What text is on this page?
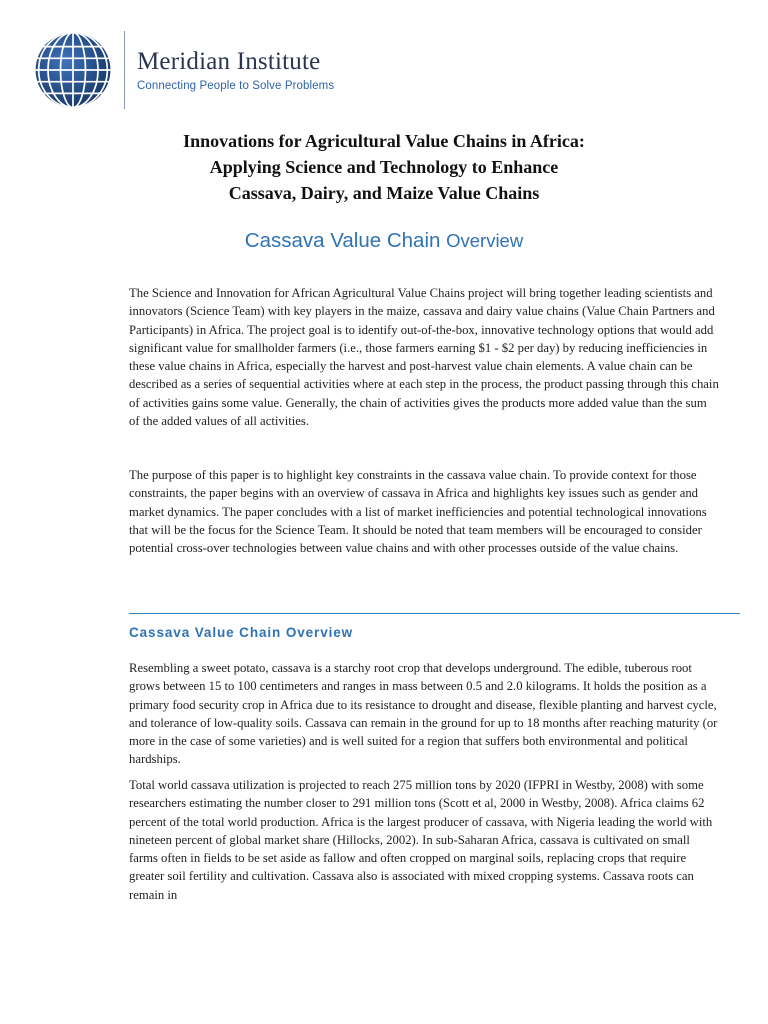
Meridian Institute
Connecting People to Solve Problems
Innovations for Agricultural Value Chains in Africa:
Applying Science and Technology to Enhance
Cassava, Dairy, and Maize Value Chains
Cassava Value Chain Overview

The Science and Innovation for African Agricultural Value Chains project will bring together leading scientists and innovators (Science Team) with key players in the maize, cassava and dairy value chains (Value Chain Partners and Participants) in Africa. The project goal is to identify out-of-the-box, innovative technology options that would add significant value for smallholder farmers (i.e., those farmers earning $1 - $2 per day) by reducing inefficiencies in these value chains in Africa, especially the harvest and post-harvest value chain elements. A value chain can be described as a series of sequential activities where at each step in the process, the product passing through this chain of activities gains some value. Generally, the chain of activities gives the products more added value than the sum of the added values of all activities.

The purpose of this paper is to highlight key constraints in the cassava value chain. To provide context for those constraints, the paper begins with an overview of cassava in Africa and highlights key issues such as gender and market dynamics. The paper concludes with a list of market inefficiencies and potential technological innovations that will be the focus for the Science Team. It should be noted that team members will be encouraged to consider potential cross-over technologies between value chains and with other processes outside of the value chains.

Cassava Value Chain Overview

Resembling a sweet potato, cassava is a starchy root crop that develops underground. The edible, tuberous root grows between 15 to 100 centimeters and ranges in mass between 0.5 and 2.0 kilograms. It holds the position as a primary food security crop in Africa due to its resistance to drought and disease, flexible planting and harvest cycle, and tolerance of low-quality soils. Cassava can remain in the ground for up to 18 months after reaching maturity (or more in the case of some varieties) and is well suited for a region that suffers both environmental and political hardships.

Total world cassava utilization is projected to reach 275 million tons by 2020 (IFPRI in Westby, 2008) with some researchers estimating the number closer to 291 million tons (Scott et al, 2000 in Westby, 2008). Africa claims 62 percent of the total world production. Africa is the largest producer of cassava, with Nigeria leading the world with nineteen percent of global market share (Hillocks, 2002). In sub-Saharan Africa, cassava is cultivated on small farms often in fields to be set aside as fallow and often cropped on marginal soils, replacing crops that require greater soil fertility and cultivation. Cassava also is associated with mixed cropping systems. Cassava roots can remain in
